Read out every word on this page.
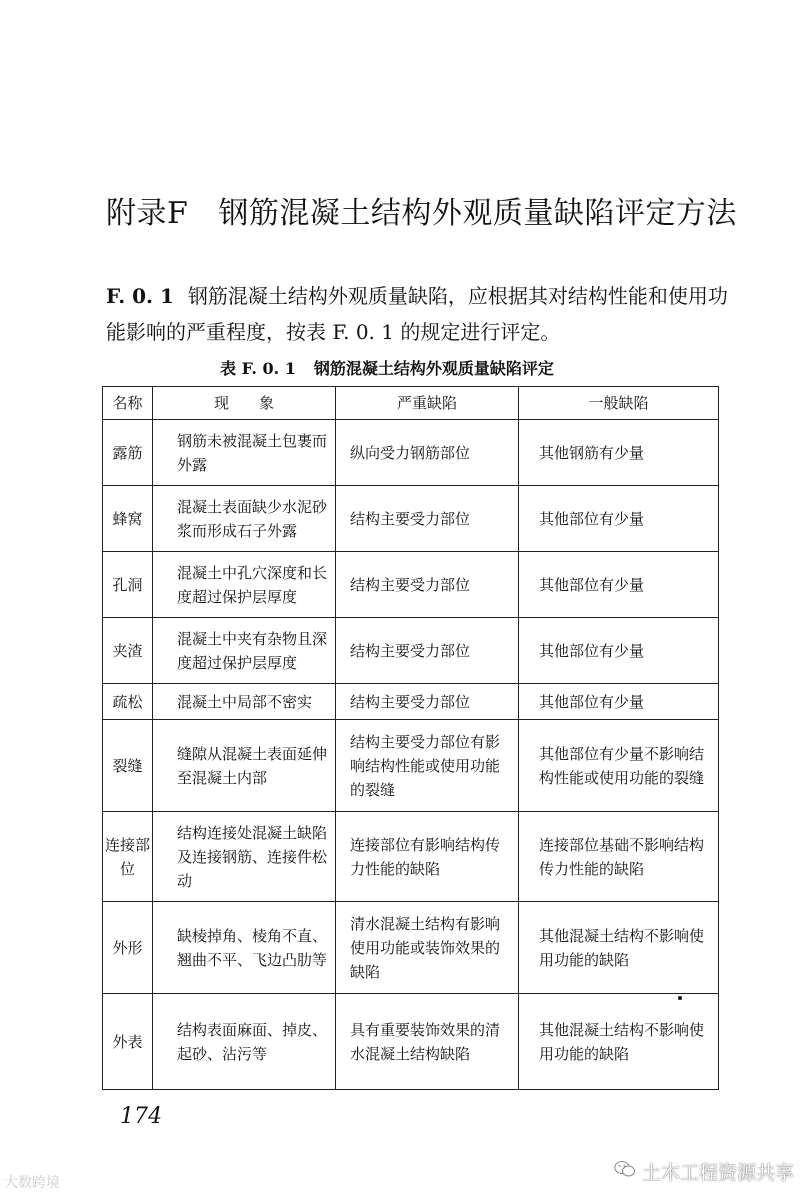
附录F 钢筋混凝土结构外观质量缺陷评定方法
F. 0. 1 钢筋混凝土结构外观质量缺陷，应根据其对结构性能和使用功能影响的严重程度，按表 F. 0. 1 的规定进行评定。
表 F. 0. 1 钢筋混凝土结构外观质量缺陷评定
名称	现　　象	严重缺陷	一般缺陷
露筋	钢筋未被混凝土包裹而外露	纵向受力钢筋部位	其他钢筋有少量
蜂窝	混凝土表面缺少水泥砂浆而形成石子外露	结构主要受力部位	其他部位有少量
孔洞	混凝土中孔穴深度和长度超过保护层厚度	结构主要受力部位	其他部位有少量
夹渣	混凝土中夹有杂物且深度超过保护层厚度	结构主要受力部位	其他部位有少量
疏松	混凝土中局部不密实	结构主要受力部位	其他部位有少量
裂缝	缝隙从混凝土表面延伸至混凝土内部	结构主要受力部位有影响结构性能或使用功能的裂缝	其他部位有少量不影响结构性能或使用功能的裂缝
连接部位	结构连接处混凝土缺陷及连接钢筋、连接件松动	连接部位有影响结构传力性能的缺陷	连接部位基础不影响结构传力性能的缺陷
外形	缺棱掉角、棱角不直、翘曲不平、飞边凸肋等	清水混凝土结构有影响使用功能或装饰效果的缺陷	其他混凝土结构不影响使用功能的缺陷
外表	结构表面麻面、掉皮、起砂、沾污等	具有重要装饰效果的清水混凝土结构缺陷	其他混凝土结构不影响使用功能的缺陷
174
大数跨境	土木工程资源共享
